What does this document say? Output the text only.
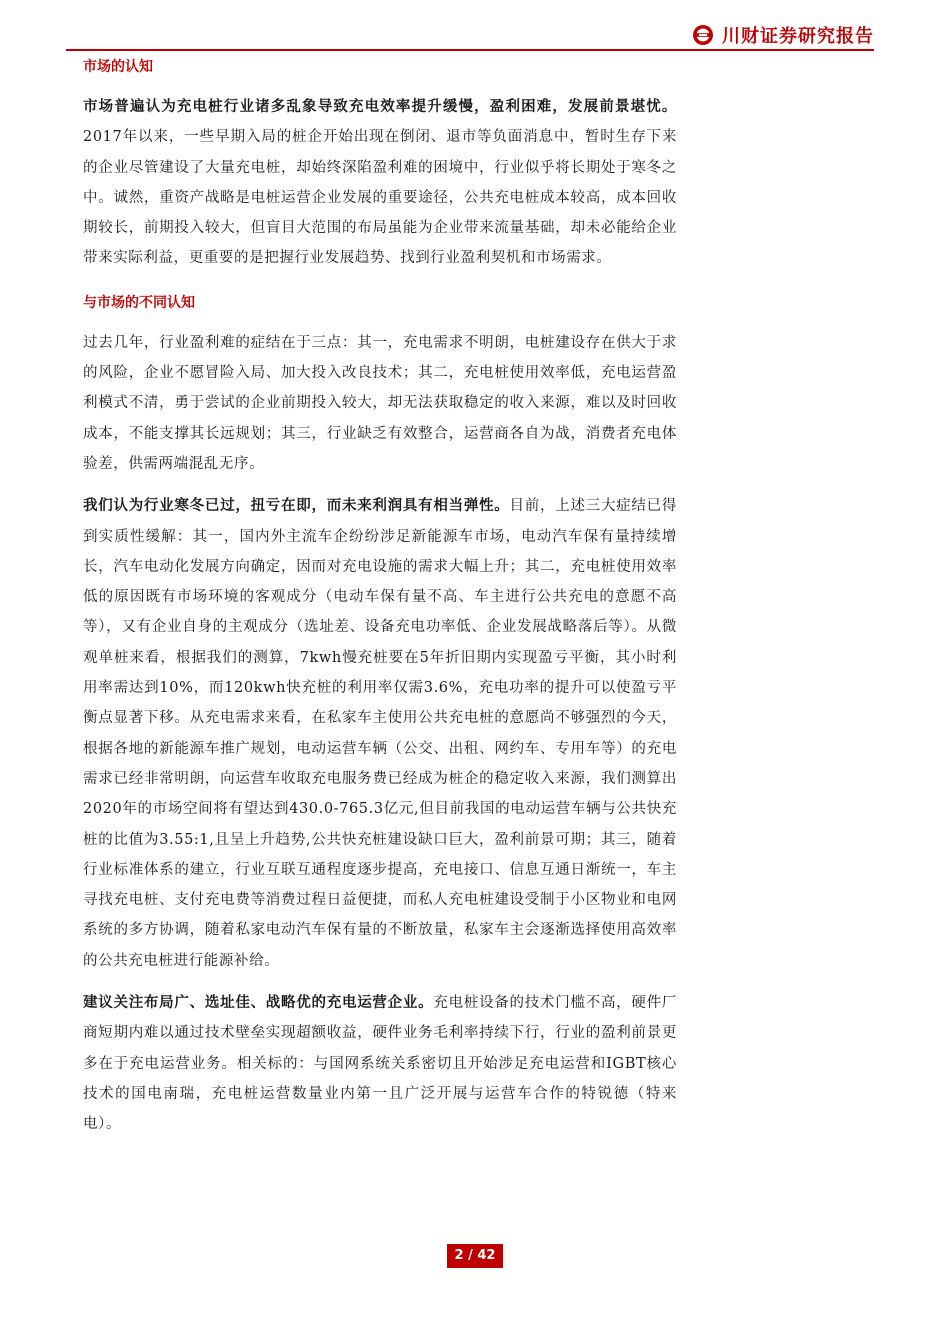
川财证券研究报告
市场的认知

市场普遍认为充电桩行业诸多乱象导致充电效率提升缓慢，盈利困难，发展前景堪忧。2017年以来，一些早期入局的桩企开始出现在倒闭、退市等负面消息中，暂时生存下来的企业尽管建设了大量充电桩，却始终深陷盈利难的困境中，行业似乎将长期处于寒冬之中。诚然，重资产战略是电桩运营企业发展的重要途径，公共充电桩成本较高，成本回收期较长，前期投入较大，但盲目大范围的布局虽能为企业带来流量基础，却未必能给企业带来实际利益，更重要的是把握行业发展趋势、找到行业盈利契机和市场需求。

与市场的不同认知

过去几年，行业盈利难的症结在于三点：其一，充电需求不明朗，电桩建设存在供大于求的风险，企业不愿冒险入局、加大投入改良技术；其二，充电桩使用效率低，充电运营盈利模式不清，勇于尝试的企业前期投入较大，却无法获取稳定的收入来源，难以及时回收成本，不能支撑其长远规划；其三，行业缺乏有效整合，运营商各自为战，消费者充电体验差，供需两端混乱无序。

我们认为行业寒冬已过，扭亏在即，而未来利润具有相当弹性。目前，上述三大症结已得到实质性缓解：其一，国内外主流车企纷纷涉足新能源车市场，电动汽车保有量持续增长，汽车电动化发展方向确定，因而对充电设施的需求大幅上升；其二，充电桩使用效率低的原因既有市场环境的客观成分（电动车保有量不高、车主进行公共充电的意愿不高等），又有企业自身的主观成分（选址差、设备充电功率低、企业发展战略落后等）。从微观单桩来看，根据我们的测算，7kwh慢充桩要在5年折旧期内实现盈亏平衡，其小时利用率需达到10%，而120kwh快充桩的利用率仅需3.6%，充电功率的提升可以使盈亏平衡点显著下移。从充电需求来看，在私家车主使用公共充电桩的意愿尚不够强烈的今天，根据各地的新能源车推广规划，电动运营车辆（公交、出租、网约车、专用车等）的充电需求已经非常明朗，向运营车收取充电服务费已经成为桩企的稳定收入来源，我们测算出2020年的市场空间将有望达到430.0-765.3亿元,但目前我国的电动运营车辆与公共快充桩的比值为3.55:1,且呈上升趋势,公共快充桩建设缺口巨大，盈利前景可期；其三，随着行业标准体系的建立，行业互联互通程度逐步提高，充电接口、信息互通日渐统一，车主寻找充电桩、支付充电费等消费过程日益便捷，而私人充电桩建设受制于小区物业和电网系统的多方协调，随着私家电动汽车保有量的不断放量，私家车主会逐渐选择使用高效率的公共充电桩进行能源补给。

建议关注布局广、选址佳、战略优的充电运营企业。充电桩设备的技术门槛不高，硬件厂商短期内难以通过技术壁垒实现超额收益，硬件业务毛利率持续下行，行业的盈利前景更多在于充电运营业务。相关标的：与国网系统关系密切且开始涉足充电运营和IGBT核心技术的国电南瑞，充电桩运营数量业内第一且广泛开展与运营车合作的特锐德（特来电）。

2 / 42
